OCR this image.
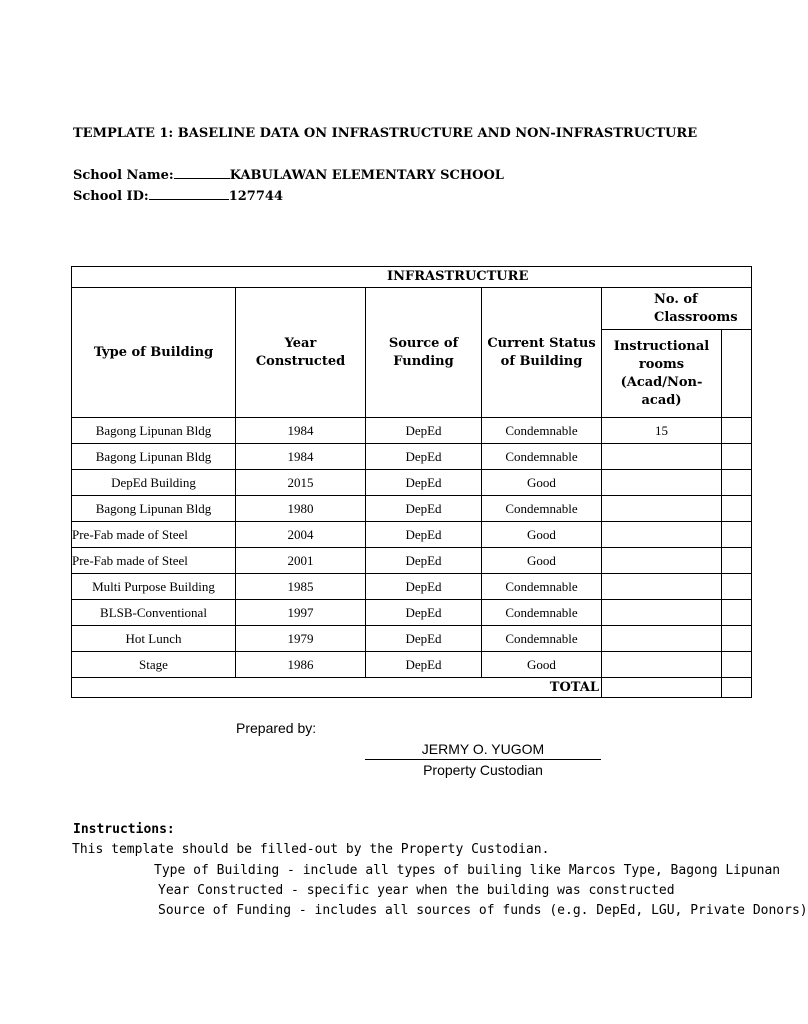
TEMPLATE 1: BASELINE DATA ON INFRASTRUCTURE AND NON-INFRASTRUCTURE
School Name:	KABULAWAN ELEMENTARY SCHOOL
School ID:	127744
INFRASTRUCTURE					
Type of Building	Year Constructed	Source of Funding	Current Status of Building	No. of Classrooms	
				Instructional rooms (Acad/Non-acad)	
Bagong Lipunan Bldg	1984	DepEd	Condemnable	15	
Bagong Lipunan Bldg	1984	DepEd	Condemnable		
DepEd Building	2015	DepEd	Good		
Bagong Lipunan Bldg	1980	DepEd	Condemnable		
Pre-Fab made of Steel	2004	DepEd	Good		
Pre-Fab made of Steel	2001	DepEd	Good		
Multi Purpose Building	1985	DepEd	Condemnable		
BLSB-Conventional	1997	DepEd	Condemnable		
Hot Lunch	1979	DepEd	Condemnable		
Stage	1986	DepEd	Good		
TOTAL					
Prepared by:
JERMY O. YUGOM
Property Custodian
Instructions:
This template should be filled-out by the Property Custodian.
Type of Building - include all types of builing like Marcos Type, Bagong Lipunan
Year Constructed - specific year when the building was constructed
Source of Funding - includes all sources of funds (e.g. DepEd, LGU, Private Donors)
